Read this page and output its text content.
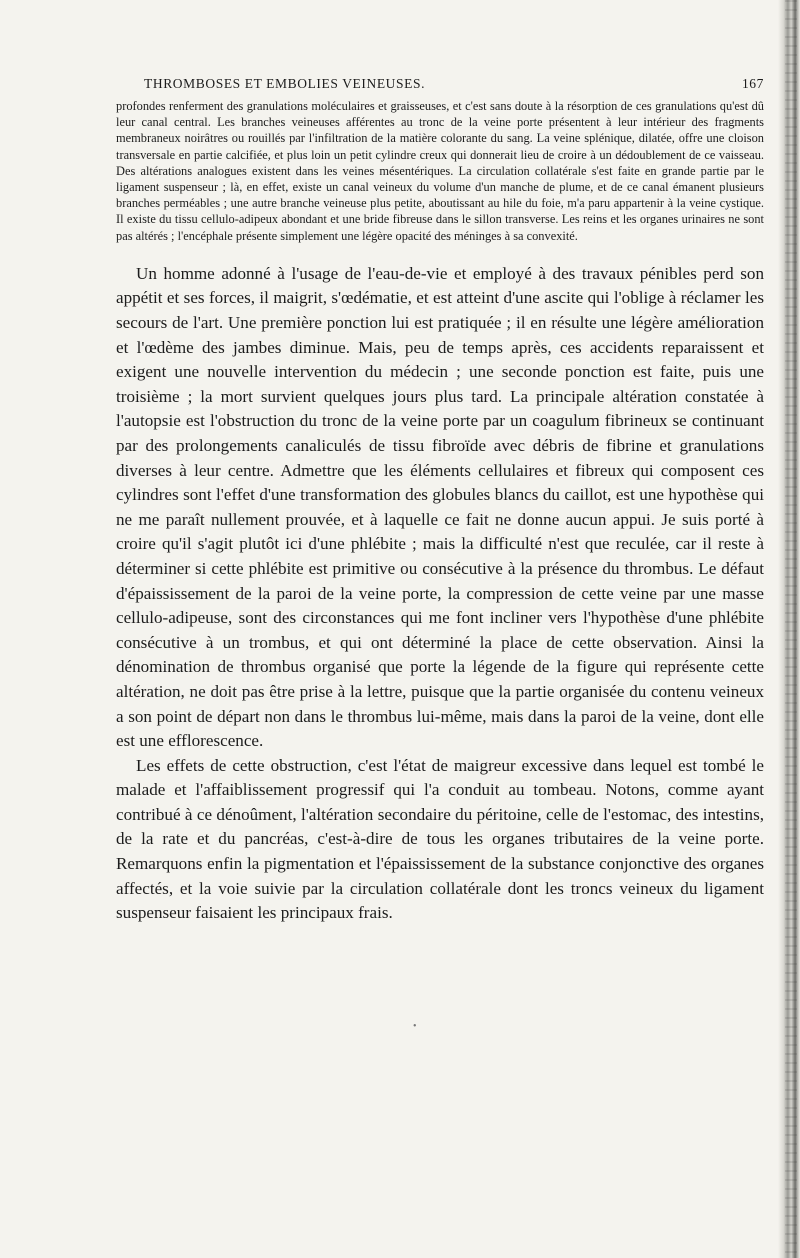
THROMBOSES ET EMBOLIES VEINEUSES.	167

profondes renferment des granulations moléculaires et graisseuses, et c'est sans doute à la résorption de ces granulations qu'est dû leur canal central. Les branches veineuses afférentes au tronc de la veine porte présentent à leur intérieur des fragments membraneux noirâtres ou rouillés par l'infiltration de la matière colorante du sang. La veine splénique, dilatée, offre une cloison transversale en partie calcifiée, et plus loin un petit cylindre creux qui donnerait lieu de croire à un dédoublement de ce vaisseau. Des altérations analogues existent dans les veines mésentériques. La circulation collatérale s'est faite en grande partie par le ligament suspenseur ; là, en effet, existe un canal veineux du volume d'un manche de plume, et de ce canal émanent plusieurs branches perméables ; une autre branche veineuse plus petite, aboutissant au hile du foie, m'a paru appartenir à la veine cystique. Il existe du tissu cellulo-adipeux abondant et une bride fibreuse dans le sillon transverse. Les reins et les organes urinaires ne sont pas altérés ; l'encéphale présente simplement une légère opacité des méninges à sa convexité.

Un homme adonné à l'usage de l'eau-de-vie et employé à des travaux pénibles perd son appétit et ses forces, il maigrit, s'œdématie, et est atteint d'une ascite qui l'oblige à réclamer les secours de l'art. Une première ponction lui est pratiquée ; il en résulte une légère amélioration et l'œdème des jambes diminue. Mais, peu de temps après, ces accidents reparaissent et exigent une nouvelle intervention du médecin ; une seconde ponction est faite, puis une troisième ; la mort survient quelques jours plus tard. La principale altération constatée à l'autopsie est l'obstruction du tronc de la veine porte par un coagulum fibrineux se continuant par des prolongements canaliculés de tissu fibroïde avec débris de fibrine et granulations diverses à leur centre. Admettre que les éléments cellulaires et fibreux qui composent ces cylindres sont l'effet d'une transformation des globules blancs du caillot, est une hypothèse qui ne me paraît nullement prouvée, et à laquelle ce fait ne donne aucun appui. Je suis porté à croire qu'il s'agit plutôt ici d'une phlébite ; mais la difficulté n'est que reculée, car il reste à déterminer si cette phlébite est primitive ou consécutive à la présence du thrombus. Le défaut d'épaississement de la paroi de la veine porte, la compression de cette veine par une masse cellulo-adipeuse, sont des circonstances qui me font incliner vers l'hypothèse d'une phlébite consécutive à un trombus, et qui ont déterminé la place de cette observation. Ainsi la dénomination de thrombus organisé que porte la légende de la figure qui représente cette altération, ne doit pas être prise à la lettre, puisque que la partie organisée du contenu veineux a son point de départ non dans le thrombus lui-même, mais dans la paroi de la veine, dont elle est une efflorescence.

Les effets de cette obstruction, c'est l'état de maigreur excessive dans lequel est tombé le malade et l'affaiblissement progressif qui l'a conduit au tombeau. Notons, comme ayant contribué à ce dénoûment, l'altération secondaire du péritoine, celle de l'estomac, des intestins, de la rate et du pancréas, c'est-à-dire de tous les organes tributaires de la veine porte. Remarquons enfin la pigmentation et l'épaississement de la substance conjonctive des organes affectés, et la voie suivie par la circulation collatérale dont les troncs veineux du ligament suspenseur faisaient les principaux frais.

•
